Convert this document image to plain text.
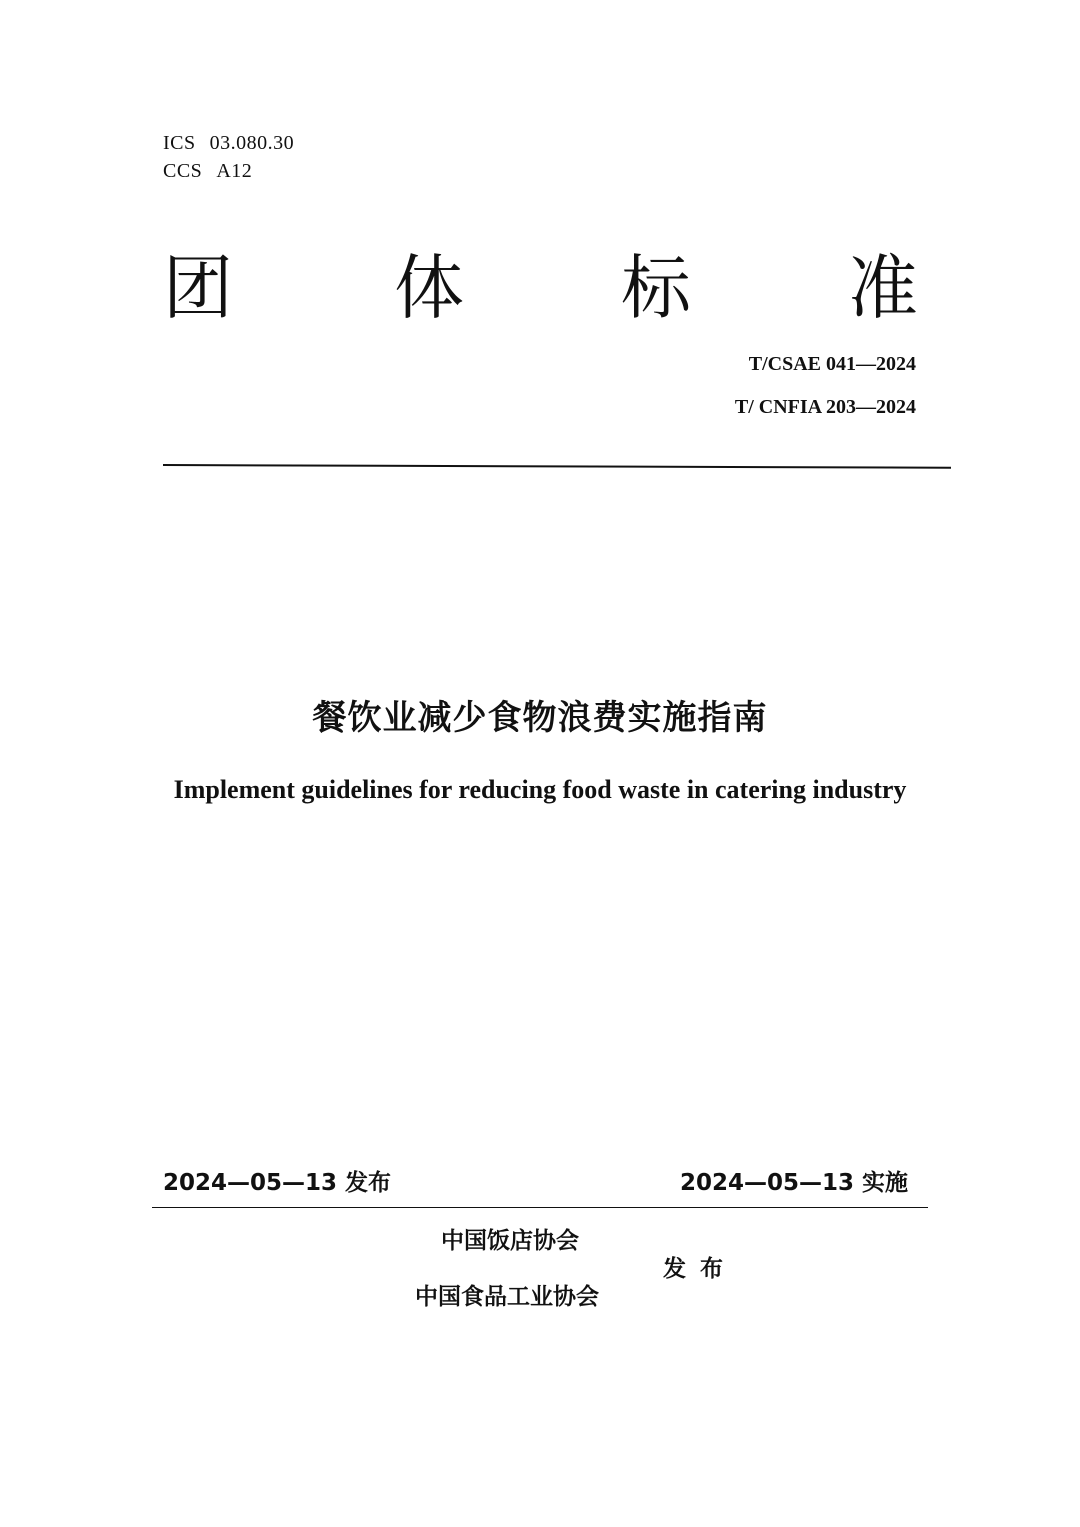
ICS 03.080.30
CCS A12
团 体 标 准
T/CSAE 041—2024
T/ CNFIA 203—2024
餐饮业减少食物浪费实施指南
Implement guidelines for reducing food waste in catering industry
2024—05—13 发布	2024—05—13 实施
中国饭店协会
中国食品工业协会
发布
